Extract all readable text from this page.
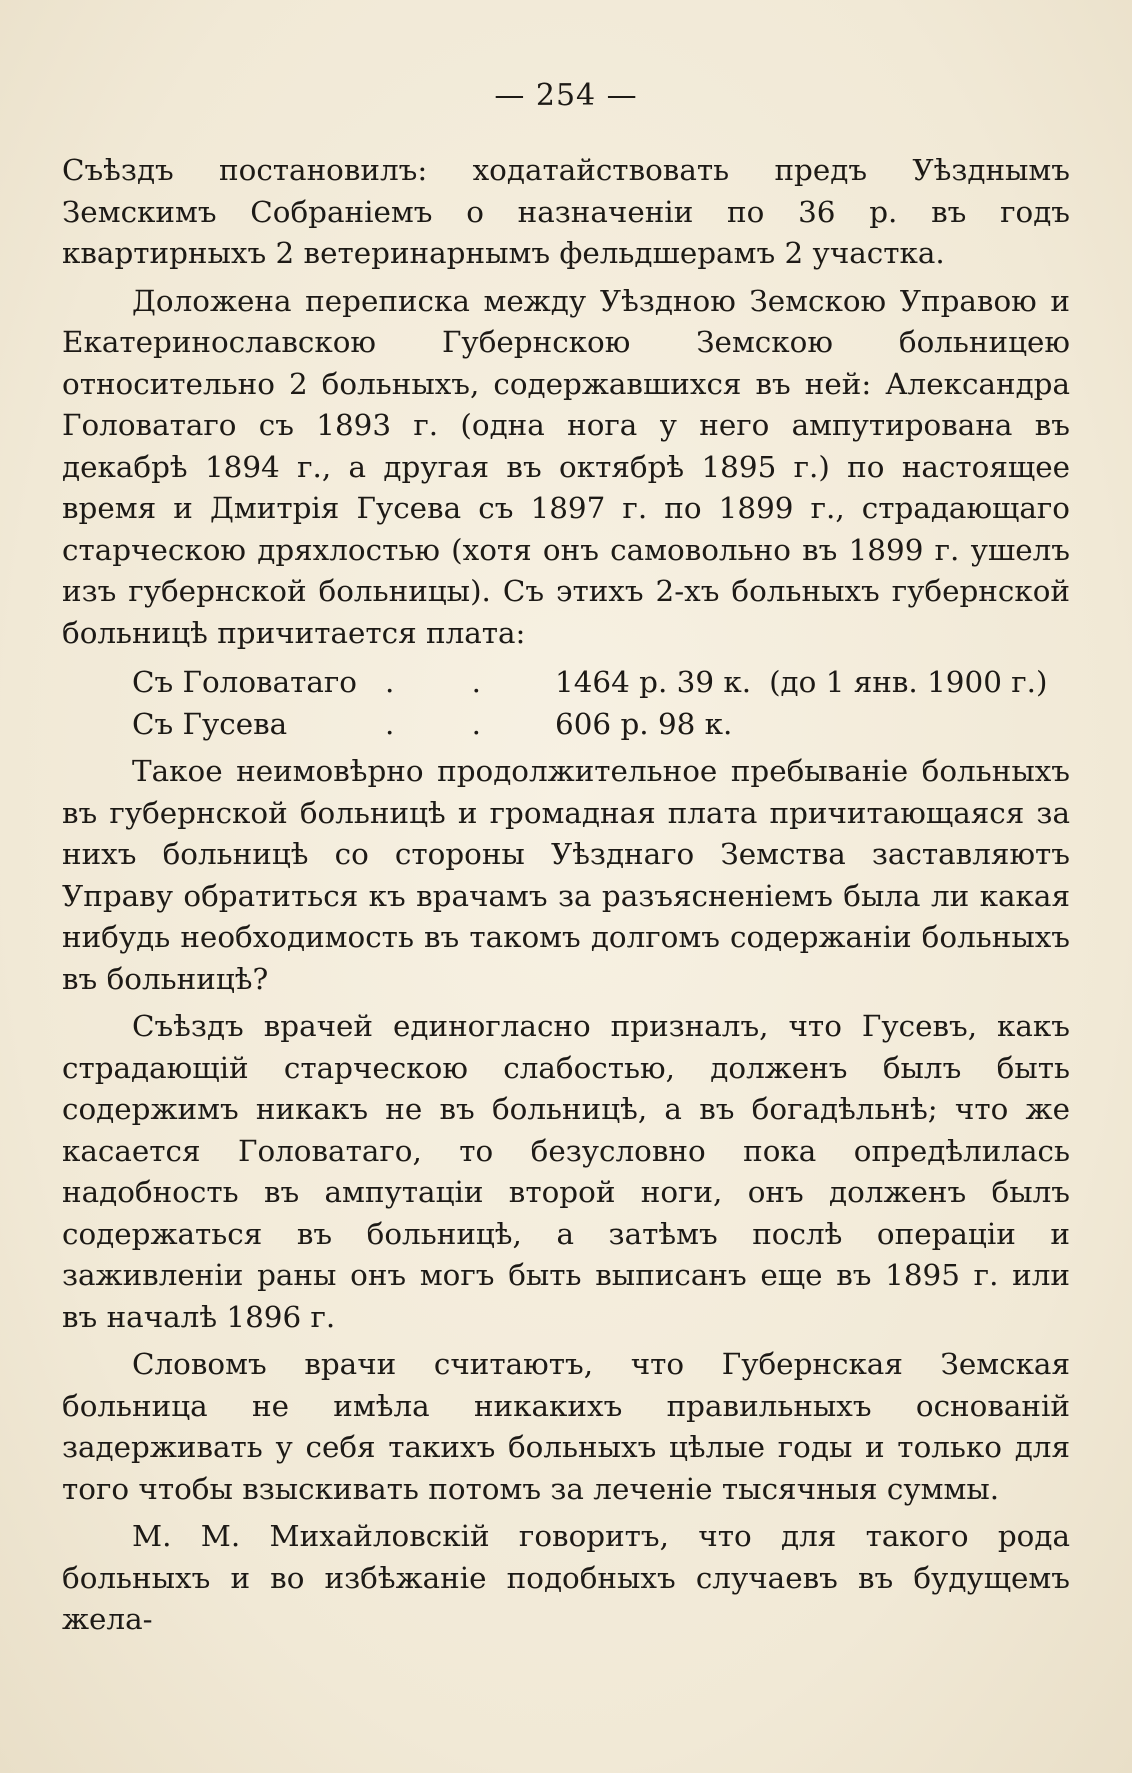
— 254 —

Съѣздъ постановилъ: ходатайствовать предъ Уѣзднымъ Земскимъ Собраніемъ о назначеніи по 36 р. въ годъ квартирныхъ 2 ветеринарнымъ фельдшерамъ 2 участка.

Доложена переписка между Уѣздною Земскою Управою и Екатеринославскою Губернскою Земскою больницею относительно 2 больныхъ, содержавшихся въ ней: Александра Головатаго съ 1893 г. (одна нога у него ампутирована въ декабрѣ 1894 г., а другая въ октябрѣ 1895 г.) по настоящее время и Дмитрія Гусева съ 1897 г. по 1899 г., страдающаго старческою дряхлостью (хотя онъ самовольно въ 1899 г. ушелъ изъ губернской больницы). Съ этихъ 2-хъ больныхъ губернской больницѣ причитается плата:

Съ Головатаго . .	1464 р. 39 к. (до 1 янв. 1900 г.)
Съ Гусева	. .	606 р. 98 к.

Такое неимовѣрно продолжительное пребываніе больныхъ въ губернской больницѣ и громадная плата причитающаяся за нихъ больницѣ со стороны Уѣзднаго Земства заставляютъ Управу обратиться къ врачамъ за разъясненіемъ была ли какая нибудь необходимость въ такомъ долгомъ содержаніи больныхъ въ больницѣ?

Съѣздъ врачей единогласно призналъ, что Гусевъ, какъ страдающій старческою слабостью, долженъ былъ быть содержимъ никакъ не въ больницѣ, а въ богадѣльнѣ; что же касается Головатаго, то безусловно пока опредѣлилась надобность въ ампутаціи второй ноги, онъ долженъ былъ содержаться въ больницѣ, а затѣмъ послѣ операціи и заживленіи раны онъ могъ быть выписанъ еще въ 1895 г. или въ началѣ 1896 г.

Словомъ врачи считаютъ, что Губернская Земская больница не имѣла никакихъ правильныхъ основаній задерживать у себя такихъ больныхъ цѣлые годы и только для того чтобы взыскивать потомъ за леченіе тысячныя суммы.

М. М. Михайловскій говоритъ, что для такого рода больныхъ и во избѣжаніе подобныхъ случаевъ въ будущемъ жела-
